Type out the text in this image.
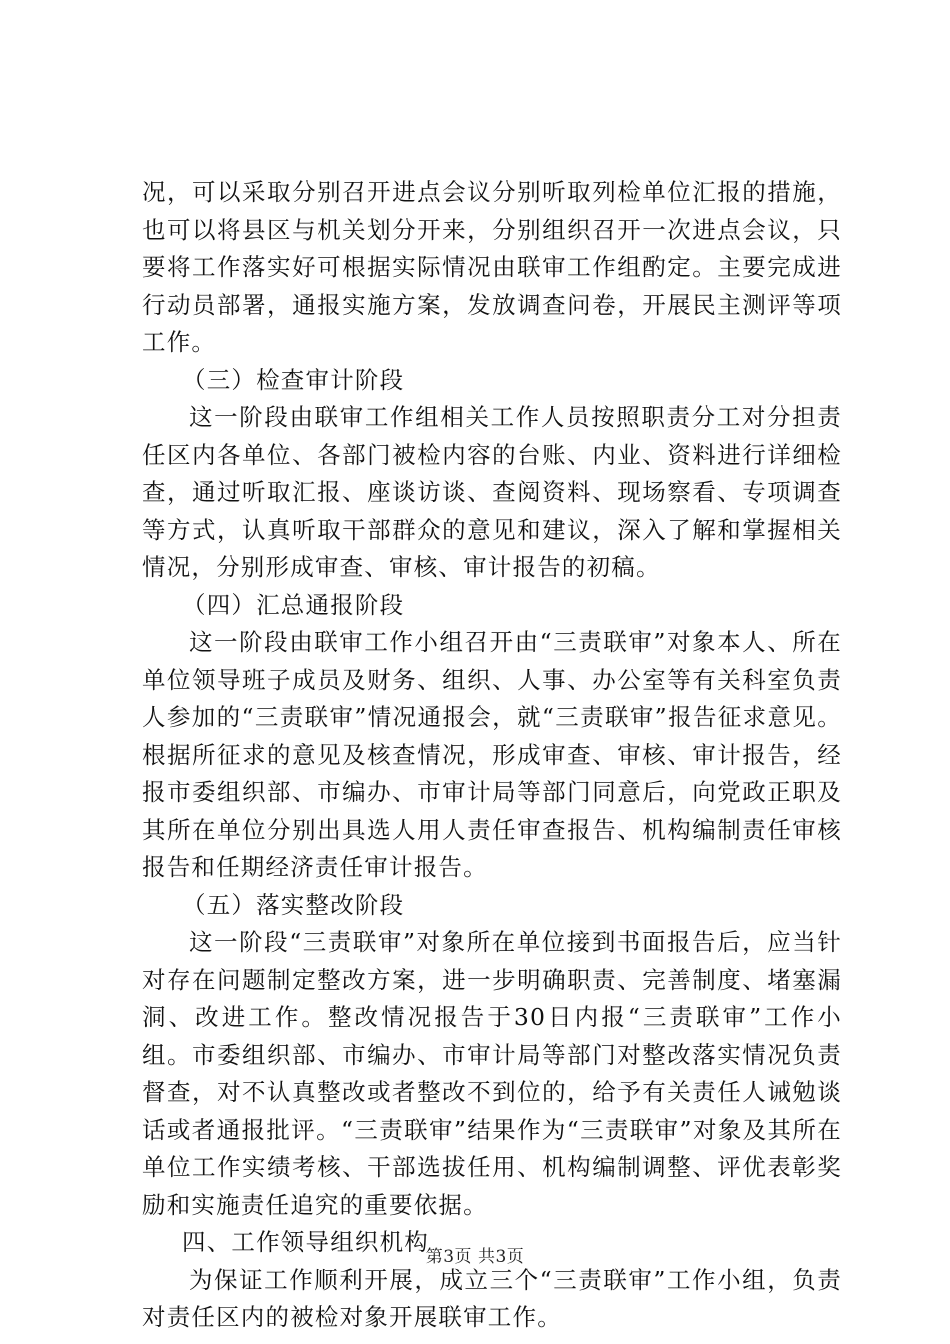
况，可以采取分别召开进点会议分别听取列检单位汇报的措施，也可以将县区与机关划分开来，分别组织召开一次进点会议，只要将工作落实好可根据实际情况由联审工作组酌定。主要完成进行动员部署，通报实施方案，发放调查问卷，开展民主测评等项工作。

（三）检查审计阶段

这一阶段由联审工作组相关工作人员按照职责分工对分担责任区内各单位、各部门被检内容的台账、内业、资料进行详细检查，通过听取汇报、座谈访谈、查阅资料、现场察看、专项调查等方式，认真听取干部群众的意见和建议，深入了解和掌握相关情况，分别形成审查、审核、审计报告的初稿。

（四）汇总通报阶段

这一阶段由联审工作小组召开由“三责联审”对象本人、所在单位领导班子成员及财务、组织、人事、办公室等有关科室负责人参加的“三责联审”情况通报会，就“三责联审”报告征求意见。根据所征求的意见及核查情况，形成审查、审核、审计报告，经报市委组织部、市编办、市审计局等部门同意后，向党政正职及其所在单位分别出具选人用人责任审查报告、机构编制责任审核报告和任期经济责任审计报告。

（五）落实整改阶段

这一阶段“三责联审”对象所在单位接到书面报告后，应当针对存在问题制定整改方案，进一步明确职责、完善制度、堵塞漏洞、改进工作。整改情况报告于30日内报“三责联审”工作小组。市委组织部、市编办、市审计局等部门对整改落实情况负责督查，对不认真整改或者整改不到位的，给予有关责任人诫勉谈话或者通报批评。“三责联审”结果作为“三责联审”对象及其所在单位工作实绩考核、干部选拔任用、机构编制调整、评优表彰奖励和实施责任追究的重要依据。

四、工作领导组织机构

为保证工作顺利开展，成立三个“三责联审”工作小组，负责对责任区内的被检对象开展联审工作。

第3页 共3页
